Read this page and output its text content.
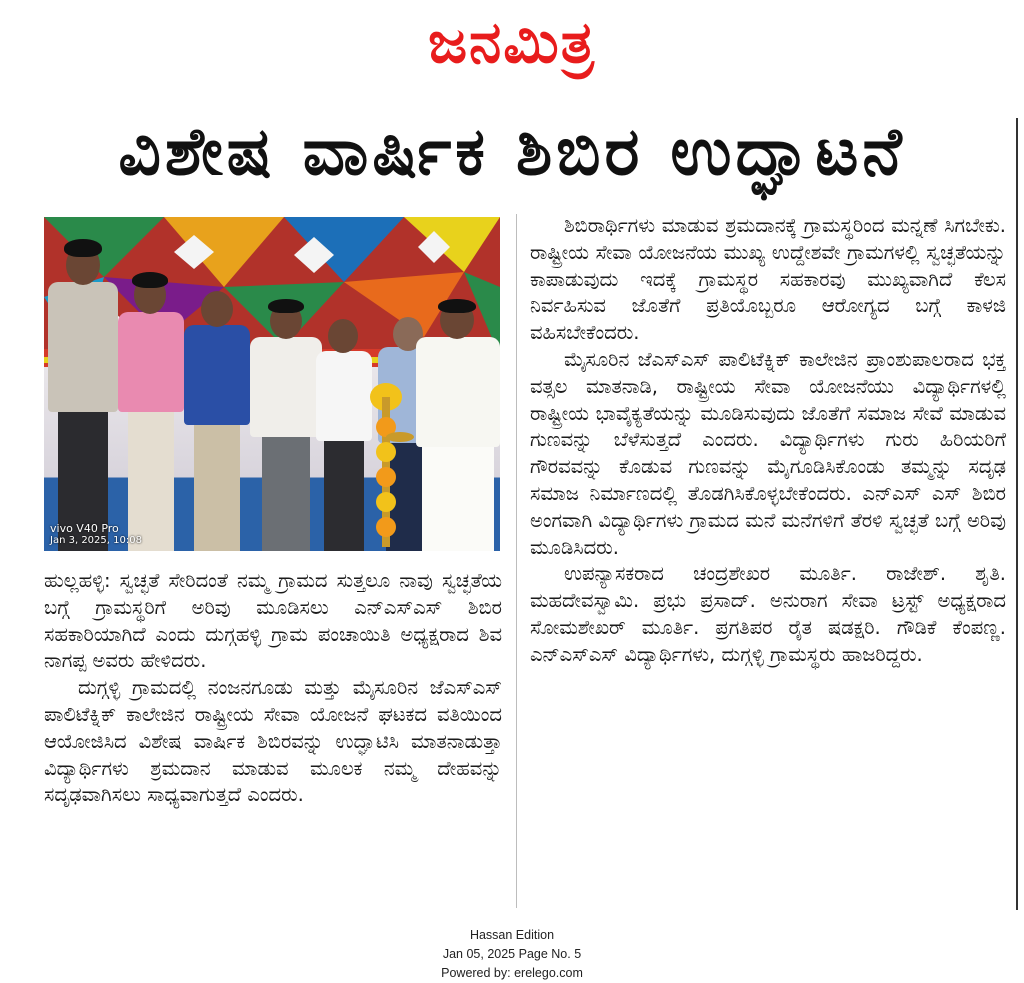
ಜನಮಿತ್ರ
ವಿಶೇಷ ವಾರ್ಷಿಕ ಶಿಬಿರ ಉದ್ಘಾಟನೆ
vivo V40 Pro
Jan 3, 2025, 10:08

ಹುಲ್ಲಹಳ್ಳಿ: ಸ್ವಚ್ಛತೆ ಸೇರಿದಂತೆ ನಮ್ಮ ಗ್ರಾಮದ ಸುತ್ತಲೂ ನಾವು ಸ್ವಚ್ಛತೆಯ ಬಗ್ಗೆ ಗ್ರಾಮಸ್ಥರಿಗೆ ಅರಿವು ಮೂಡಿಸಲು ಎನ್‌ಎಸ್‌ಎಸ್ ಶಿಬಿರ ಸಹಕಾರಿಯಾಗಿದೆ ಎಂದು ದುಗ್ಗಹಳ್ಳಿ ಗ್ರಾಮ ಪಂಚಾಯಿತಿ ಅಧ್ಯಕ್ಷರಾದ ಶಿವ ನಾಗಪ್ಪ ಅವರು ಹೇಳಿದರು.

ದುಗ್ಗಳ್ಳಿ ಗ್ರಾಮದಲ್ಲಿ ನಂಜನಗೂಡು ಮತ್ತು ಮೈಸೂರಿನ ಜೆಎಸ್‌ಎಸ್ ಪಾಲಿಟೆಕ್ನಿಕ್ ಕಾಲೇಜಿನ ರಾಷ್ಟ್ರೀಯ ಸೇವಾ ಯೋಜನೆ ಘಟಕದ ವತಿಯಿಂದ ಆಯೋಜಿಸಿದ ವಿಶೇಷ ವಾರ್ಷಿಕ ಶಿಬಿರವನ್ನು ಉದ್ಘಾಟಿಸಿ ಮಾತನಾಡುತ್ತಾ ವಿದ್ಯಾರ್ಥಿಗಳು ಶ್ರಮದಾನ ಮಾಡುವ ಮೂಲಕ ನಮ್ಮ ದೇಹವನ್ನು ಸದೃಢವಾಗಿಸಲು ಸಾಧ್ಯವಾಗುತ್ತದೆ ಎಂದರು.

ಶಿಬಿರಾರ್ಥಿಗಳು ಮಾಡುವ ಶ್ರಮದಾನಕ್ಕೆ ಗ್ರಾಮಸ್ಥರಿಂದ ಮನ್ನಣೆ ಸಿಗಬೇಕು. ರಾಷ್ಟ್ರೀಯ ಸೇವಾ ಯೋಜನೆಯ ಮುಖ್ಯ ಉದ್ದೇಶವೇ ಗ್ರಾಮಗಳಲ್ಲಿ ಸ್ವಚ್ಛತೆಯನ್ನು ಕಾಪಾಡುವುದು ಇದಕ್ಕೆ ಗ್ರಾಮಸ್ಥರ ಸಹಕಾರವು ಮುಖ್ಯವಾಗಿದೆ ಕೆಲಸ ನಿರ್ವಹಿಸುವ ಜೊತೆಗೆ ಪ್ರತಿಯೊಬ್ಬರೂ ಆರೋಗ್ಯದ ಬಗ್ಗೆ ಕಾಳಜಿ ವಹಿಸಬೇಕೆಂದರು.

ಮೈಸೂರಿನ ಜೆಎಸ್‌ಎಸ್ ಪಾಲಿಟೆಕ್ನಿಕ್ ಕಾಲೇಜಿನ ಪ್ರಾಂಶುಪಾಲರಾದ ಭಕ್ತ ವತ್ಸಲ ಮಾತನಾಡಿ, ರಾಷ್ಟ್ರೀಯ ಸೇವಾ ಯೋಜನೆಯು ವಿದ್ಯಾರ್ಥಿಗಳಲ್ಲಿ ರಾಷ್ಟ್ರೀಯ ಭಾವೈಕ್ಯತೆಯನ್ನು ಮೂಡಿಸುವುದು ಜೊತೆಗೆ ಸಮಾಜ ಸೇವೆ ಮಾಡುವ ಗುಣವನ್ನು ಬೆಳೆಸುತ್ತದೆ ಎಂದರು. ವಿದ್ಯಾರ್ಥಿಗಳು ಗುರು ಹಿರಿಯರಿಗೆ ಗೌರವವನ್ನು ಕೊಡುವ ಗುಣವನ್ನು ಮೈಗೂಡಿಸಿಕೊಂಡು ತಮ್ಮನ್ನು ಸದೃಢ ಸಮಾಜ ನಿರ್ಮಾಣದಲ್ಲಿ ತೊಡಗಿಸಿಕೊಳ್ಳಬೇಕೆಂದರು. ಎನ್‌ಎಸ್ ಎಸ್ ಶಿಬಿರ ಅಂಗವಾಗಿ ವಿದ್ಯಾರ್ಥಿಗಳು ಗ್ರಾಮದ ಮನೆ ಮನೆಗಳಿಗೆ ತೆರಳಿ ಸ್ವಚ್ಛತೆ ಬಗ್ಗೆ ಅರಿವು ಮೂಡಿಸಿದರು.

ಉಪನ್ಯಾಸಕರಾದ ಚಂದ್ರಶೇಖರ ಮೂರ್ತಿ. ರಾಜೇಶ್. ಶೃತಿ. ಮಹದೇವಸ್ವಾಮಿ. ಪ್ರಭು ಪ್ರಸಾದ್. ಅನುರಾಗ ಸೇವಾ ಟ್ರಸ್ಟ್ ಅಧ್ಯಕ್ಷರಾದ ಸೋಮಶೇಖರ್ ಮೂರ್ತಿ. ಪ್ರಗತಿಪರ ರೈತ ಷಡಕ್ಷರಿ. ಗೌಡಿಕೆ ಕೆಂಪಣ್ಣ. ಎನ್‌ಎಸ್‌ಎಸ್ ವಿದ್ಯಾರ್ಥಿಗಳು, ದುಗ್ಗಳ್ಳಿ ಗ್ರಾಮಸ್ಥರು ಹಾಜರಿದ್ದರು.

Hassan Edition
Jan 05, 2025 Page No. 5
Powered by: erelego.com
